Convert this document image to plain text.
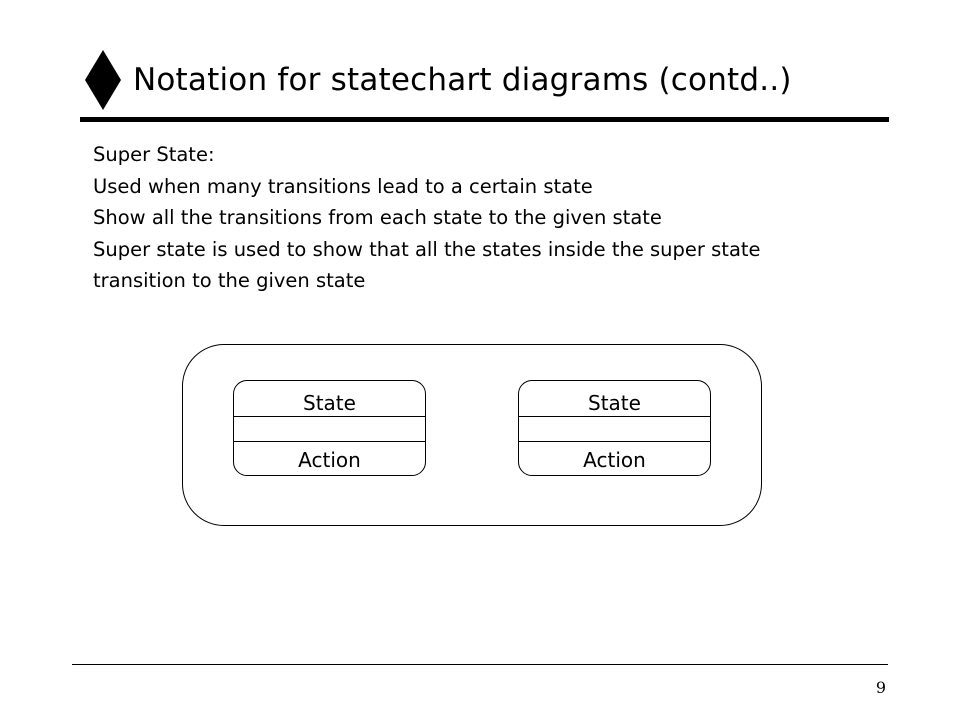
Notation for statechart diagrams (contd..)
Super State:
Used when many transitions lead to a certain state
Show all the transitions from each state to the given state
Super state is used to show that all the states inside the super state
transition to the given state
State
Action
State
Action
9
